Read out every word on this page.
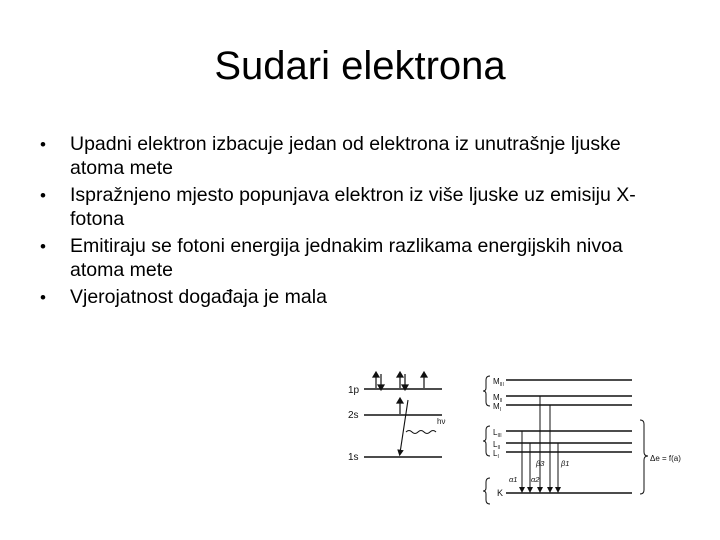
Sudari elektrona
• Upadni elektron izbacuje jedan od elektrona iz unutrašnje ljuske atoma mete
• Ispražnjeno mjesto popunjava elektron iz više ljuske uz emisiju X-fotona
• Emitiraju se fotoni energija jednakim razlikama energijskih nivoa atoma mete
• Vjerojatnost događaja je mala
1p
2s
1s
hν
$M_{III}$
$M_{II}$
$M_I$
$L_{III}$
$L_{II}$
$L_I$
K
α1 α2
β3 β1
Δe = f(a)
